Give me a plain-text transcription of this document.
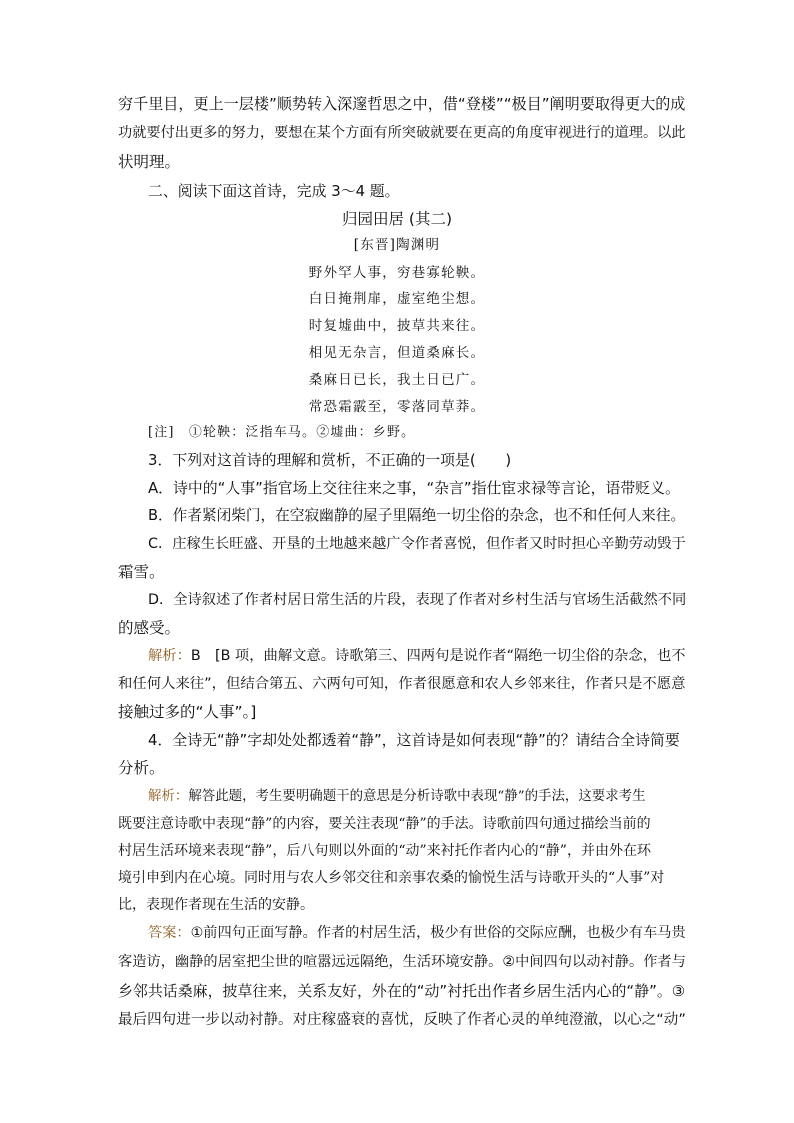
穷千里目，更上一层楼”顺势转入深邃哲思之中，借“登楼”“极目”阐明要取得更大的成
功就要付出更多的努力，要想在某个方面有所突破就要在更高的角度审视进行的道理。以此
状明理。
二、阅读下面这首诗，完成 3～4 题。
归园田居 (其二)
[东晋]陶渊明
野外罕人事，穷巷寡轮鞅。
白日掩荆扉，虚室绝尘想。
时复墟曲中，披草共来往。
相见无杂言，但道桑麻长。
桑麻日已长，我土日已广。
常恐霜霰至，零落同草莽。
[注]　①轮鞅：泛指车马。②墟曲：乡野。
3．下列对这首诗的理解和赏析，不正确的一项是(　　)
A．诗中的“人事”指官场上交往往来之事，“杂言”指仕宦求禄等言论，语带贬义。
B．作者紧闭柴门，在空寂幽静的屋子里隔绝一切尘俗的杂念，也不和任何人来往。
C．庄稼生长旺盛、开垦的土地越来越广令作者喜悦，但作者又时时担心辛勤劳动毁于
霜雪。
D．全诗叙述了作者村居日常生活的片段，表现了作者对乡村生活与官场生活截然不同
的感受。
解析：B　[B 项，曲解文意。诗歌第三、四两句是说作者“隔绝一切尘俗的杂念，也不
和任何人来往”，但结合第五、六两句可知，作者很愿意和农人乡邻来往，作者只是不愿意
接触过多的“人事”。]
4．全诗无“静”字却处处都透着“静”，这首诗是如何表现“静”的？请结合全诗简要
分析。
解析：解答此题，考生要明确题干的意思是分析诗歌中表现“静”的手法，这要求考生
既要注意诗歌中表现“静”的内容，要关注表现“静”的手法。诗歌前四句通过描绘当前的
村居生活环境来表现“静”，后八句则以外面的“动”来衬托作者内心的“静”，并由外在环
境引申到内在心境。同时用与农人乡邻交往和亲事农桑的愉悦生活与诗歌开头的“人事”对
比，表现作者现在生活的安静。
答案：①前四句正面写静。作者的村居生活，极少有世俗的交际应酬，也极少有车马贵
客造访，幽静的居室把尘世的喧嚣远远隔绝，生活环境安静。②中间四句以动衬静。作者与
乡邻共话桑麻，披草往来，关系友好，外在的“动”衬托出作者乡居生活内心的“静”。③
最后四句进一步以动衬静。对庄稼盛衰的喜忧，反映了作者心灵的单纯澄澈，以心之“动”
